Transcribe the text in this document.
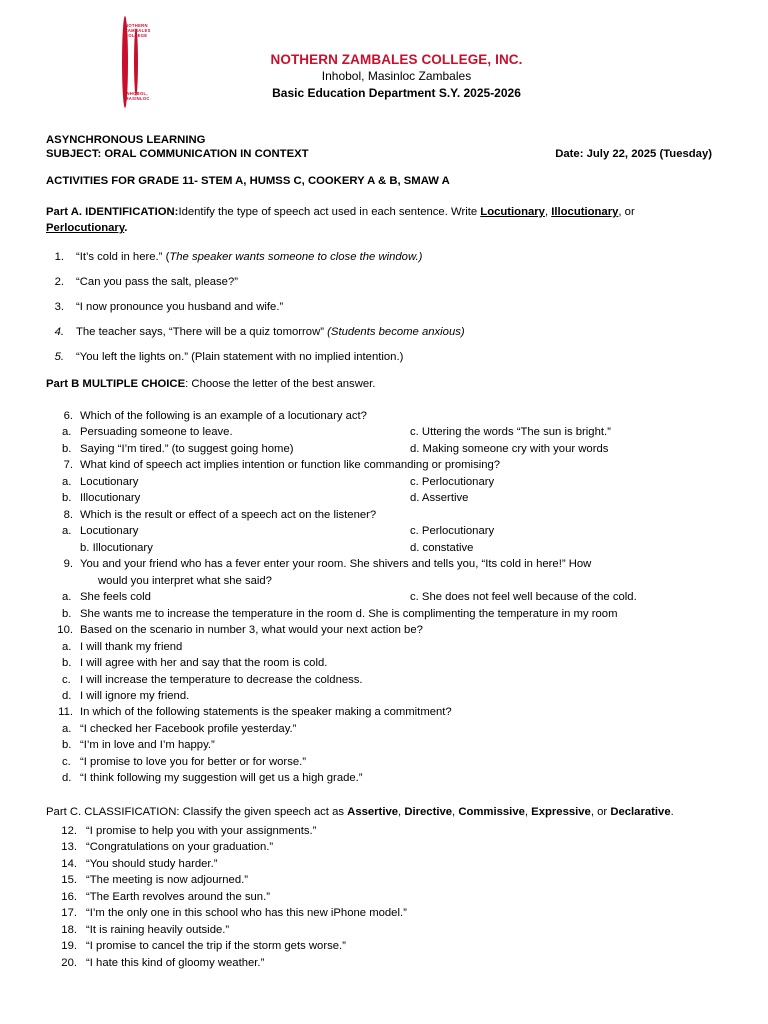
NOTHERN ZAMBALES COLLEGE
INHOBOL, MASINLOC
NOTHERN ZAMBALES COLLEGE, INC.
Inhobol, Masinloc Zambales
Basic Education Department S.Y. 2025-2026
ASYNCHRONOUS LEARNING
SUBJECT: ORAL COMMUNICATION IN CONTEXT	Date: July 22, 2025 (Tuesday)
ACTIVITIES FOR GRADE 11- STEM A, HUMSS C, COOKERY A & B, SMAW A
Part A. IDENTIFICATION:Identify the type of speech act used in each sentence. Write Locutionary, Illocutionary, or
Perlocutionary.
1.	“It’s cold in here.” (The speaker wants someone to close the window.)
2.	“Can you pass the salt, please?”
3.	“I now pronounce you husband and wife.”
4.	The teacher says, “There will be a quiz tomorrow” (Students become anxious)
5.	“You left the lights on.” (Plain statement with no implied intention.)
Part B MULTIPLE CHOICE: Choose the letter of the best answer.
6. Which of the following is an example of a locutionary act?
a. Persuading someone to leave.	c. Uttering the words “The sun is bright.”
b. Saying “I’m tired.” (to suggest going home)	d. Making someone cry with your words
7. What kind of speech act implies intention or function like commanding or promising?
a. Locutionary	c. Perlocutionary
b. Illocutionary	d. Assertive
8. Which is the result or effect of a speech act on the listener?
a. Locutionary	c. Perlocutionary
b. Illocutionary	d. constative
9. You and your friend who has a fever enter your room. She shivers and tells you, “Its cold in here!” How
would you interpret what she said?
a. She feels cold	c. She does not feel well because of the cold.
b. She wants me to increase the temperature in the room d. She is complimenting the temperature in my room
10. Based on the scenario in number 3, what would your next action be?
a. I will thank my friend
b. I will agree with her and say that the room is cold.
c. I will increase the temperature to decrease the coldness.
d. I will ignore my friend.
11. In which of the following statements is the speaker making a commitment?
a. “I checked her Facebook profile yesterday.”
b. “I’m in love and I’m happy.”
c. “I promise to love you for better or for worse.”
d. “I think following my suggestion will get us a high grade.”
Part C. CLASSIFICATION: Classify the given speech act as Assertive, Directive, Commissive, Expressive, or Declarative.
12. “I promise to help you with your assignments.”
13. “Congratulations on your graduation.”
14. “You should study harder.”
15. “The meeting is now adjourned.”
16. “The Earth revolves around the sun.”
17. “I’m the only one in this school who has this new iPhone model.”
18. “It is raining heavily outside.”
19. “I promise to cancel the trip if the storm gets worse.”
20. “I hate this kind of gloomy weather.”
